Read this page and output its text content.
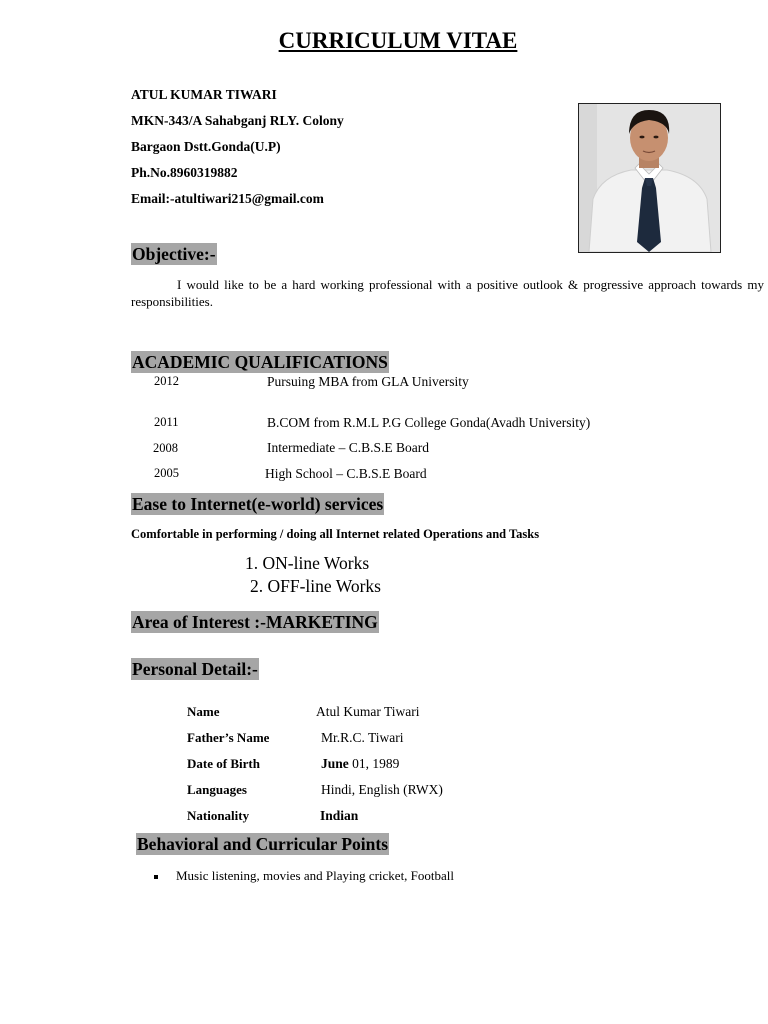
CURRICULUM VITAE
ATUL KUMAR TIWARI
MKN-343/A Sahabganj RLY. Colony
Bargaon Dstt.Gonda(U.P)
Ph.No.8960319882
Email:-atultiwari215@gmail.com
Objective:-
I would like to be a hard working professional with a positive outlook & progressive approach towards my responsibilities.
ACADEMIC QUALIFICATIONS
2012	Pursuing MBA from GLA University
2011	B.COM from R.M.L P.G College Gonda(Avadh University)
2008	Intermediate – C.B.S.E Board
2005	High School – C.B.S.E Board
Ease to Internet(e-world) services
Comfortable in performing / doing all Internet related Operations and Tasks
1. ON-line Works
2. OFF-line Works
Area of Interest :-MARKETING
Personal Detail:-
Name	Atul Kumar Tiwari
Father’s Name	Mr.R.C. Tiwari
Date of Birth	June 01, 1989
Languages	Hindi, English (RWX)
Nationality	Indian
Behavioral and Curricular Points
Music listening, movies and Playing cricket, Football
